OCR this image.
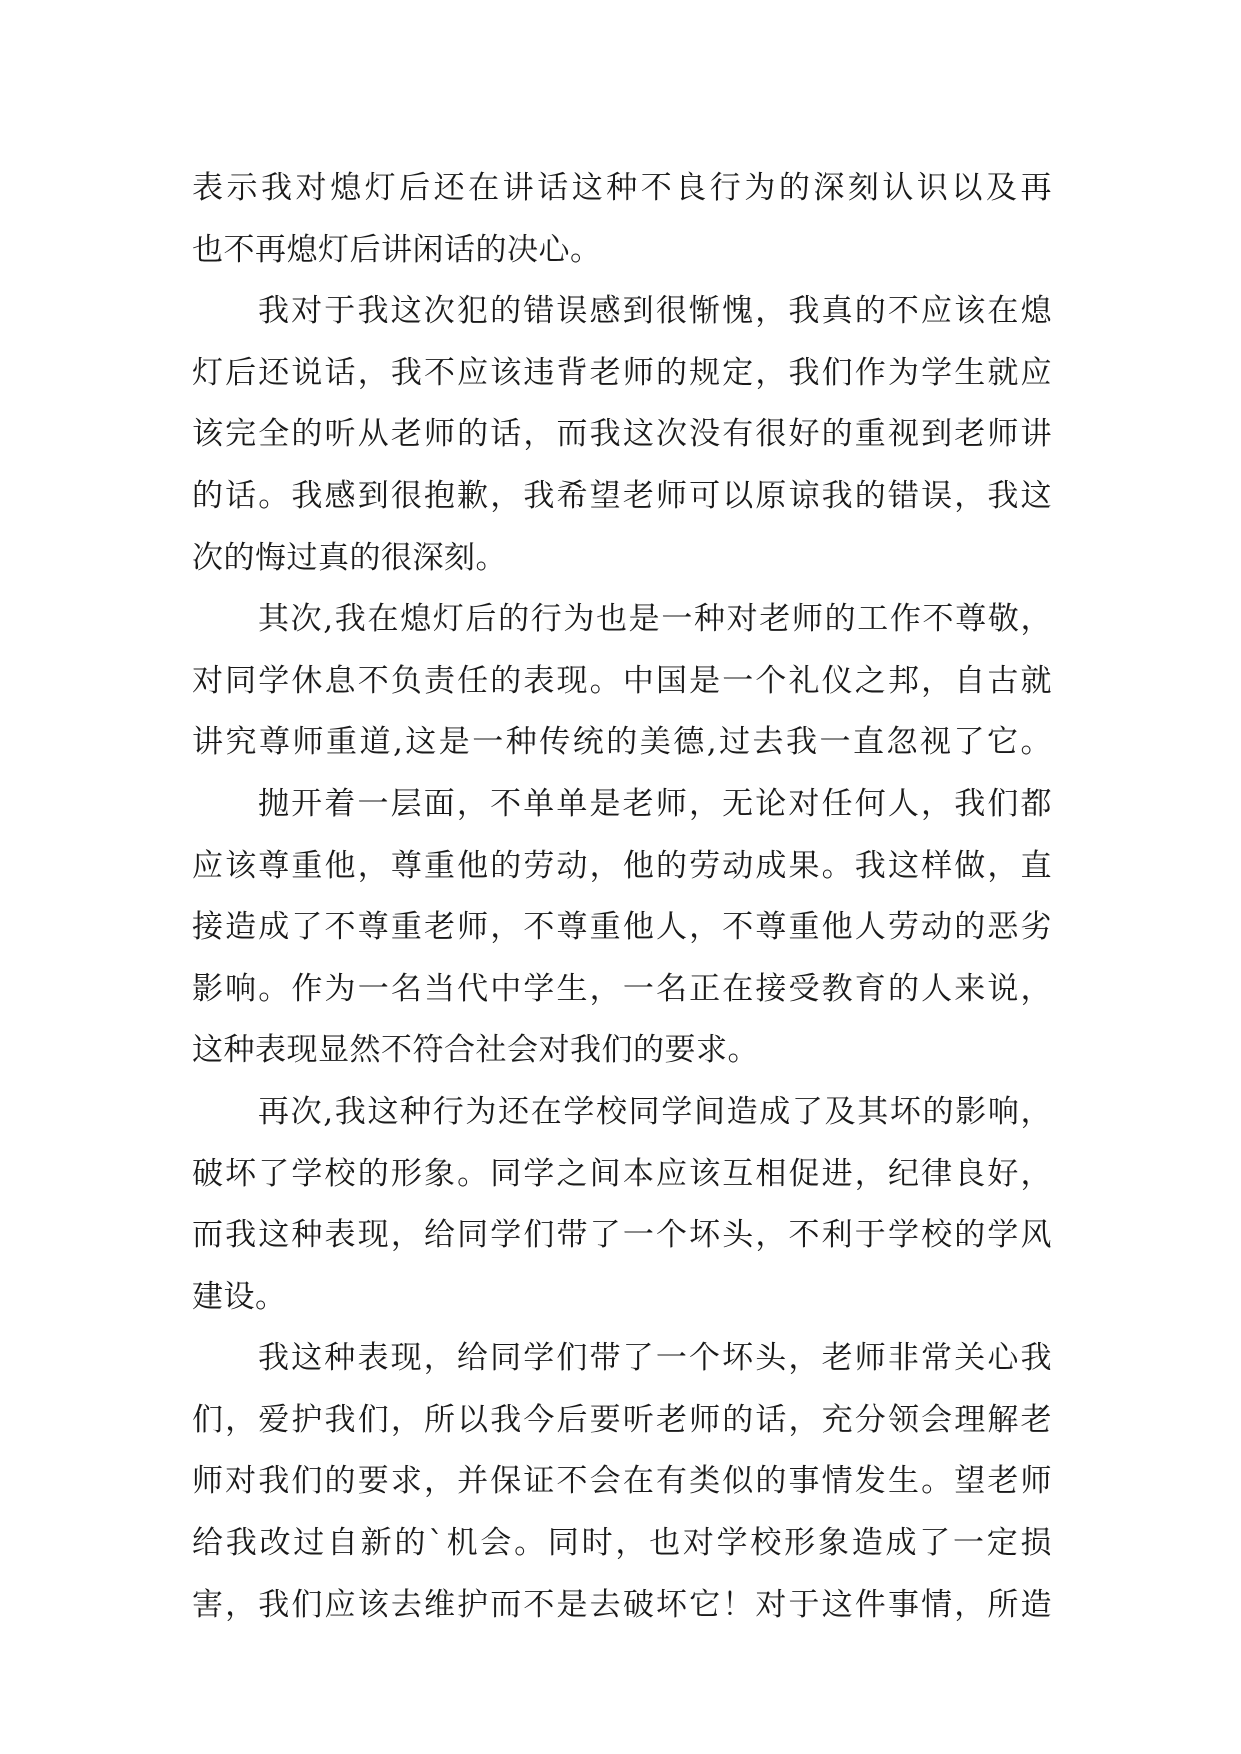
表示我对熄灯后还在讲话这种不良行为的深刻认识以及再
也不再熄灯后讲闲话的决心。
我对于我这次犯的错误感到很惭愧，我真的不应该在熄
灯后还说话，我不应该违背老师的规定，我们作为学生就应
该完全的听从老师的话，而我这次没有很好的重视到老师讲
的话。我感到很抱歉，我希望老师可以原谅我的错误，我这
次的悔过真的很深刻。
其次,我在熄灯后的行为也是一种对老师的工作不尊敬，
对同学休息不负责任的表现。中国是一个礼仪之邦，自古就
讲究尊师重道,这是一种传统的美德,过去我一直忽视了它。
抛开着一层面，不单单是老师，无论对任何人，我们都
应该尊重他，尊重他的劳动，他的劳动成果。我这样做，直
接造成了不尊重老师，不尊重他人，不尊重他人劳动的恶劣
影响。作为一名当代中学生，一名正在接受教育的人来说，
这种表现显然不符合社会对我们的要求。
再次,我这种行为还在学校同学间造成了及其坏的影响，
破坏了学校的形象。同学之间本应该互相促进，纪律良好，
而我这种表现，给同学们带了一个坏头，不利于学校的学风
建设。
我这种表现，给同学们带了一个坏头，老师非常关心我
们，爱护我们，所以我今后要听老师的话，充分领会理解老
师对我们的要求，并保证不会在有类似的事情发生。望老师
给我改过自新的`机会。同时，也对学校形象造成了一定损
害，我们应该去维护而不是去破坏它！对于这件事情，所造
